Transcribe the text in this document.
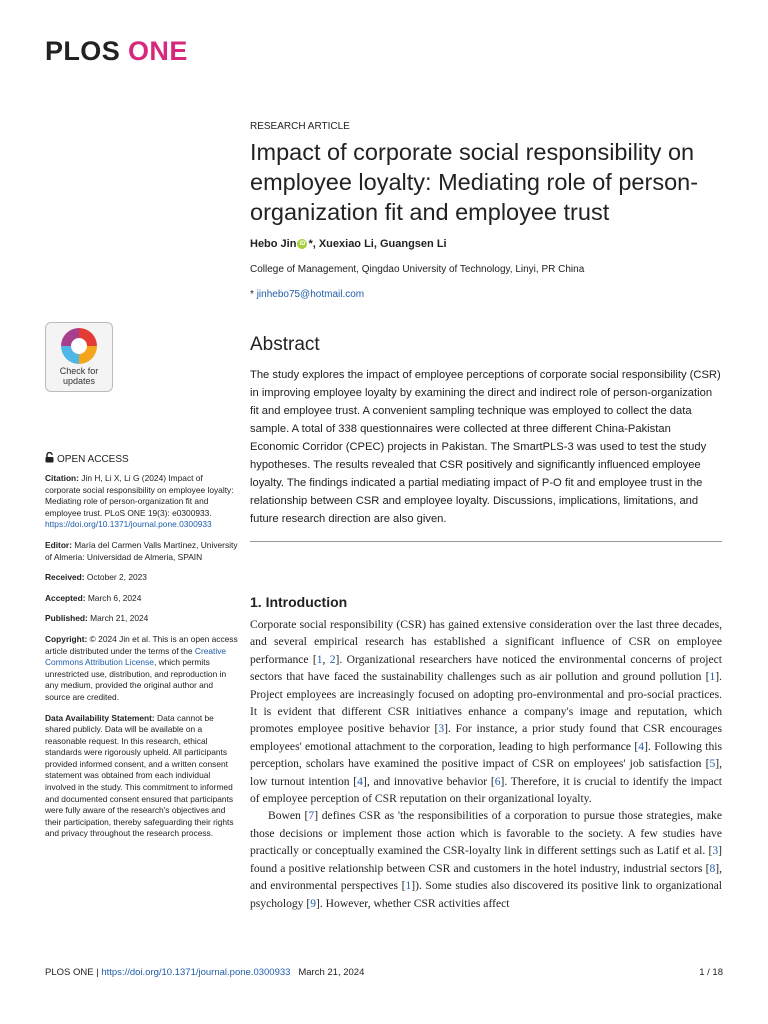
PLOS ONE
RESEARCH ARTICLE
Impact of corporate social responsibility on employee loyalty: Mediating role of person-organization fit and employee trust
Hebo Jin iD *, Xuexiao Li, Guangsen Li
College of Management, Qingdao University of Technology, Linyi, PR China
* jinhebo75@hotmail.com
Abstract

The study explores the impact of employee perceptions of corporate social responsibility (CSR) in improving employee loyalty by examining the direct and indirect role of person-organization fit and employee trust. A convenient sampling technique was employed to collect the data sample. A total of 338 questionnaires were collected at three different China-Pakistan Economic Corridor (CPEC) projects in Pakistan. The SmartPLS-3 was used to test the study hypotheses. The results revealed that CSR positively and significantly influenced employee loyalty. The findings indicated a partial mediating impact of P-O fit and employee trust in the relationship between CSR and employee loyalty. Discussions, implications, limitations, and future research direction are also given.

1. Introduction

Corporate social responsibility (CSR) has gained extensive consideration over the last three decades, and several empirical research has established a significant influence of CSR on employee performance [1, 2]. Organizational researchers have noticed the environmental concerns of project sectors that have faced the sustainability challenges such as air pollution and ground pollution [1]. Project employees are increasingly focused on adopting pro-environmental and pro-social practices. It is evident that different CSR initiatives enhance a company's image and reputation, which promotes employee positive behavior [3]. For instance, a prior study found that CSR encourages employees' emotional attachment to the corporation, leading to high performance [4]. Following this perception, scholars have examined the positive impact of CSR on employees' job satisfaction [5], low turnout intention [4], and innovative behavior [6]. Therefore, it is crucial to identify the impact of employee perception of CSR reputation on their organizational loyalty.

Bowen [7] defines CSR as 'the responsibilities of a corporation to pursue those strategies, make those decisions or implement those action which is favorable to the society. A few studies have practically or conceptually examined the CSR-loyalty link in different settings such as Latif et al. [3] found a positive relationship between CSR and customers in the hotel industry, industrial sectors [8], and environmental perspectives [1]). Some studies also discovered its positive link to organizational psychology [9]. However, whether CSR activities affect

Check for
updates
OPEN ACCESS
Citation: Jin H, Li X, Li G (2024) Impact of corporate social responsibility on employee loyalty: Mediating role of person-organization fit and employee trust. PLoS ONE 19(3): e0300933. https://doi.org/10.1371/journal.pone.0300933
Editor: María del Carmen Valls Martínez, University of Almeria: Universidad de Almeria, SPAIN
Received: October 2, 2023
Accepted: March 6, 2024
Published: March 21, 2024
Copyright: © 2024 Jin et al. This is an open access article distributed under the terms of the Creative Commons Attribution License, which permits unrestricted use, distribution, and reproduction in any medium, provided the original author and source are credited.
Data Availability Statement: Data cannot be shared publicly. Data will be available on a reasonable request. In this research, ethical standards were rigorously upheld. All participants provided informed consent, and a written consent statement was obtained from each individual involved in the study. This commitment to informed and documented consent ensured that participants were fully aware of the research's objectives and their participation, thereby safeguarding their rights and privacy throughout the research process.
PLOS ONE | https://doi.org/10.1371/journal.pone.0300933   March 21, 2024	1 / 18
